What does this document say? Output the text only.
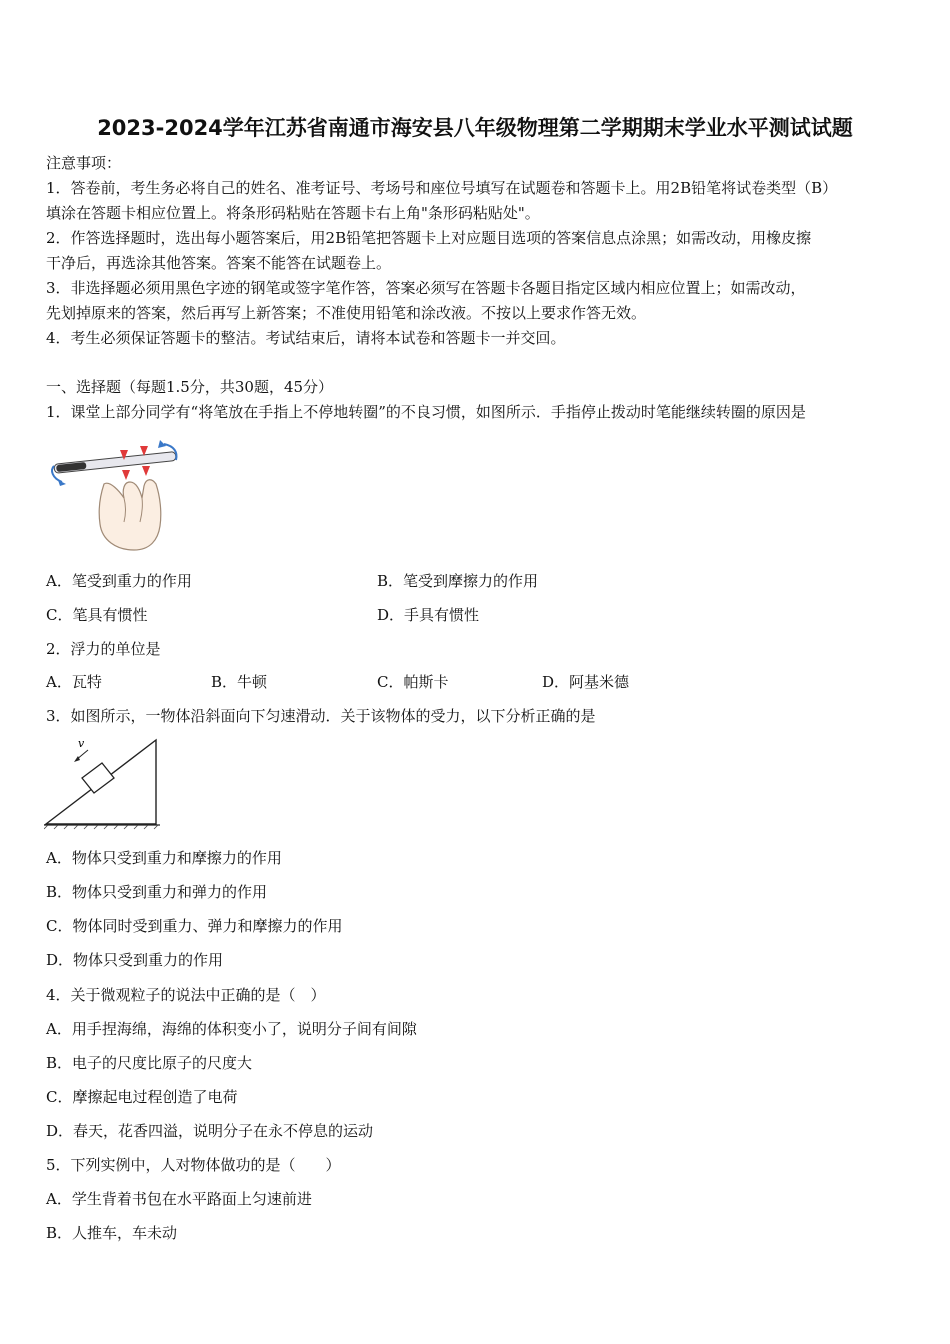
2023-2024学年江苏省南通市海安县八年级物理第二学期期末学业水平测试试题
注意事项：
1．答卷前，考生务必将自己的姓名、准考证号、考场号和座位号填写在试题卷和答题卡上。用2B铅笔将试卷类型（B）
填涂在答题卡相应位置上。将条形码粘贴在答题卡右上角"条形码粘贴处"。
2．作答选择题时，选出每小题答案后，用2B铅笔把答题卡上对应题目选项的答案信息点涂黑；如需改动，用橡皮擦
干净后，再选涂其他答案。答案不能答在试题卷上。
3．非选择题必须用黑色字迹的钢笔或签字笔作答，答案必须写在答题卡各题目指定区域内相应位置上；如需改动，
先划掉原来的答案，然后再写上新答案；不准使用铅笔和涂改液。不按以上要求作答无效。
4．考生必须保证答题卡的整洁。考试结束后，请将本试卷和答题卡一并交回。
一、选择题（每题1.5分，共30题，45分）
1．课堂上部分同学有“将笔放在手指上不停地转圈”的不良习惯，如图所示．手指停止拨动时笔能继续转圈的原因是
A．笔受到重力的作用	B．笔受到摩擦力的作用
C．笔具有惯性	D．手具有惯性
2．浮力的单位是
A．瓦特	B．牛顿	C．帕斯卡	D．阿基米德
3．如图所示，一物体沿斜面向下匀速滑动．关于该物体的受力，以下分析正确的是
v
A．物体只受到重力和摩擦力的作用
B．物体只受到重力和弹力的作用
C．物体同时受到重力、弹力和摩擦力的作用
D．物体只受到重力的作用
4．关于微观粒子的说法中正确的是（　）
A．用手捏海绵，海绵的体积变小了，说明分子间有间隙
B．电子的尺度比原子的尺度大
C．摩擦起电过程创造了电荷
D．春天，花香四溢，说明分子在永不停息的运动
5．下列实例中，人对物体做功的是（　　）
A．学生背着书包在水平路面上匀速前进
B．人推车，车未动
